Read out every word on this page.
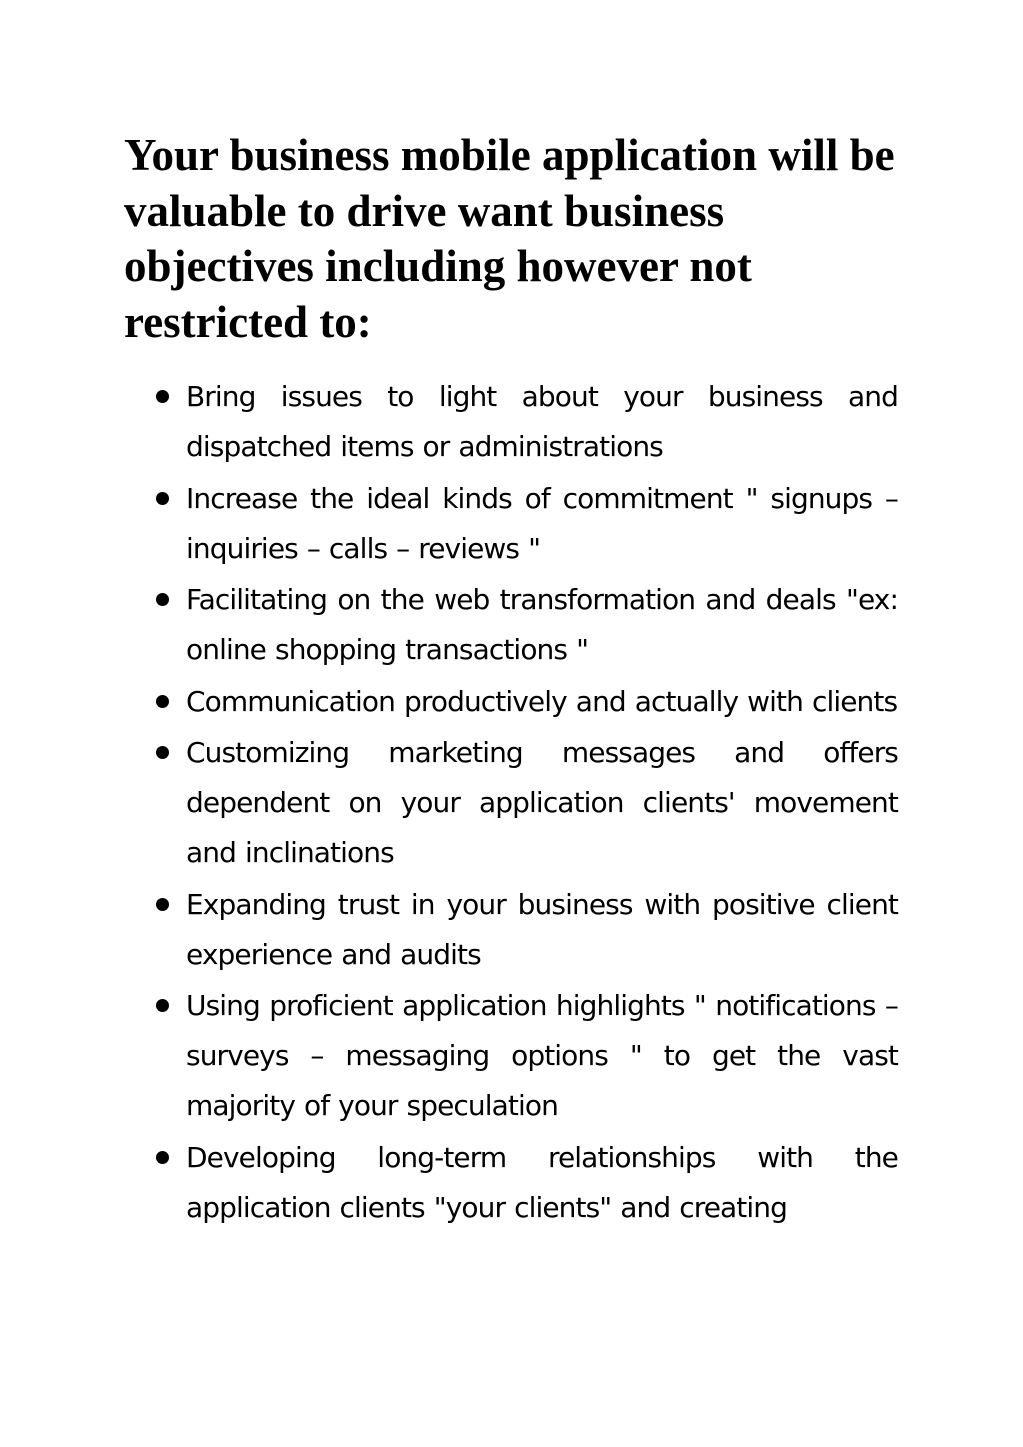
Your business mobile application will be valuable to drive want business objectives including however not restricted to:
Bring issues to light about your business and dispatched items or administrations
Increase the ideal kinds of commitment " signups – inquiries – calls – reviews "
Facilitating on the web transformation and deals "ex: online shopping transactions "
Communication productively and actually with clients
Customizing marketing messages and offers dependent on your application clients' movement and inclinations
Expanding trust in your business with positive client experience and audits
Using proficient application highlights " notifications – surveys – messaging options " to get the vast majority of your speculation
Developing long-term relationships with the application clients "your clients" and creating
